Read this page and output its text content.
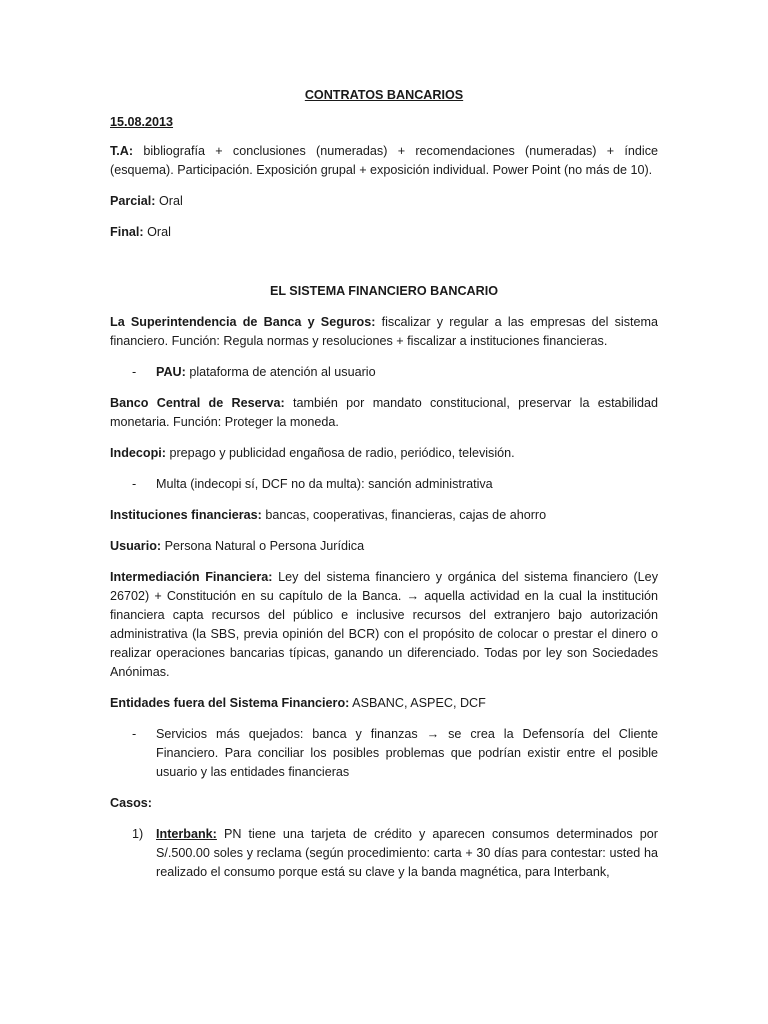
CONTRATOS BANCARIOS
15.08.2013

T.A: bibliografía + conclusiones (numeradas) + recomendaciones (numeradas) + índice (esquema). Participación. Exposición grupal + exposición individual. Power Point (no más de 10).

Parcial: Oral

Final: Oral

EL SISTEMA FINANCIERO BANCARIO

La Superintendencia de Banca y Seguros: fiscalizar y regular a las empresas del sistema financiero. Función: Regula normas y resoluciones + fiscalizar a instituciones financieras.

-	PAU: plataforma de atención al usuario

Banco Central de Reserva: también por mandato constitucional, preservar la estabilidad monetaria. Función: Proteger la moneda.

Indecopi: prepago y publicidad engañosa de radio, periódico, televisión.

-	Multa (indecopi sí, DCF no da multa): sanción administrativa

Instituciones financieras: bancas, cooperativas, financieras, cajas de ahorro

Usuario: Persona Natural o Persona Jurídica

Intermediación Financiera: Ley del sistema financiero y orgánica del sistema financiero (Ley 26702) + Constitución en su capítulo de la Banca. → aquella actividad en la cual la institución financiera capta recursos del público e inclusive recursos del extranjero bajo autorización administrativa (la SBS, previa opinión del BCR) con el propósito de colocar o prestar el dinero o realizar operaciones bancarias típicas, ganando un diferenciado. Todas por ley son Sociedades Anónimas.

Entidades fuera del Sistema Financiero: ASBANC, ASPEC, DCF

-	Servicios más quejados: banca y finanzas → se crea la Defensoría del Cliente Financiero. Para conciliar los posibles problemas que podrían existir entre el posible usuario y las entidades financieras

Casos:

1)	Interbank: PN tiene una tarjeta de crédito y aparecen consumos determinados por S/.500.00 soles y reclama (según procedimiento: carta + 30 días para contestar: usted ha realizado el consumo porque está su clave y la banda magnética, para Interbank,
